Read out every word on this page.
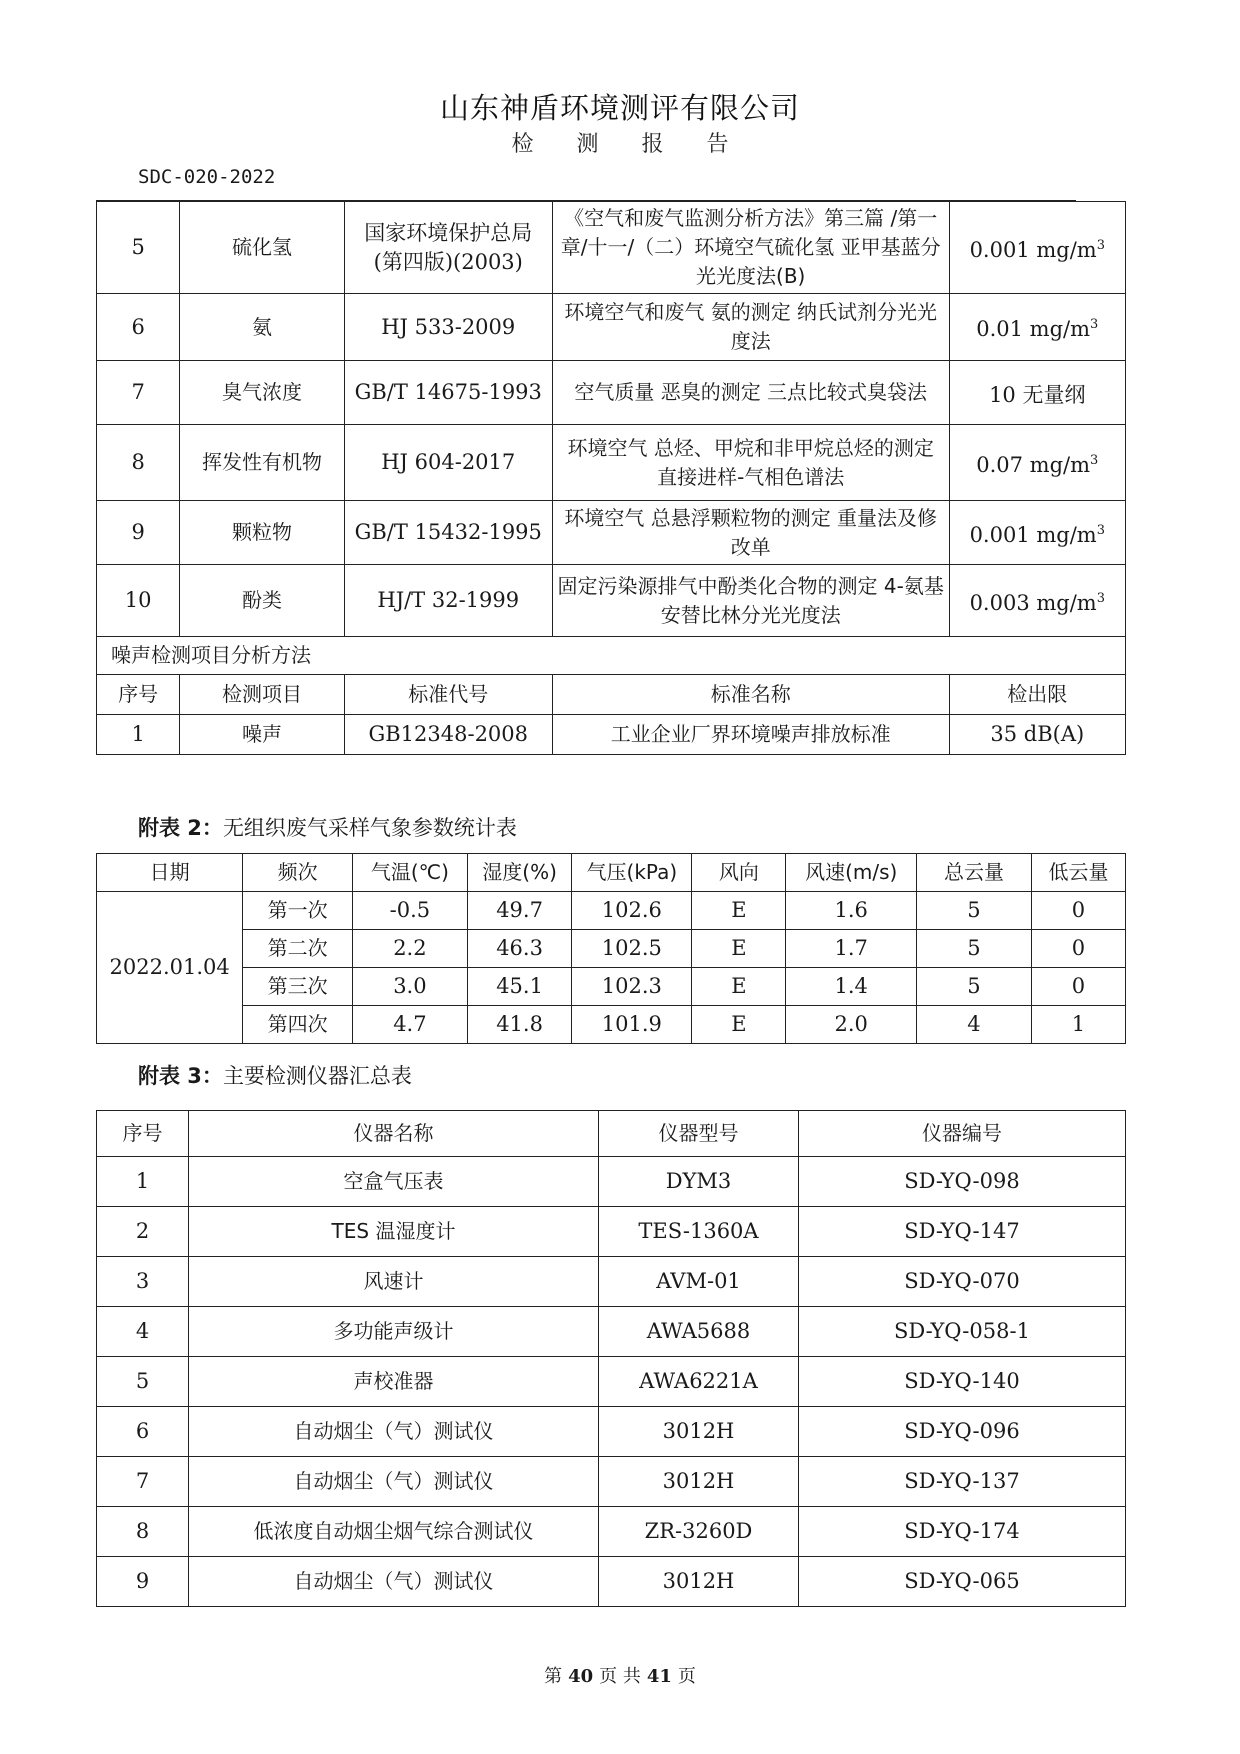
山东神盾环境测评有限公司
检 测 报 告
SDC-020-2022
5	硫化氢	国家环境保护总局 (第四版)(2003)	《空气和废气监测分析方法》第三篇 /第一章/十一/（二）环境空气硫化氢 亚甲基蓝分光光度法(B)	0.001 $mg/m^3$
6	氨	HJ 533-2009	环境空气和废气 氨的测定 纳氏试剂分光光度法	0.01 $mg/m^3$
7	臭气浓度	GB/T 14675-1993	空气质量 恶臭的测定 三点比较式臭袋法	10 无量纲
8	挥发性有机物	HJ 604-2017	环境空气 总烃、甲烷和非甲烷总烃的测定 直接进样-气相色谱法	0.07 $mg/m^3$
9	颗粒物	GB/T 15432-1995	环境空气 总悬浮颗粒物的测定 重量法及修改单	0.001 $mg/m^3$
10	酚类	HJ/T 32-1999	固定污染源排气中酚类化合物的测定 4-氨基安替比林分光光度法	0.003 $mg/m^3$
噪声检测项目分析方法				
序号	检测项目	标准代号	标准名称	检出限
1	噪声	GB12348-2008	工业企业厂界环境噪声排放标准	35 dB(A)
附表 2：无组织废气采样气象参数统计表
日期	频次	气温(℃)	湿度(%)	气压(kPa)	风向	风速(m/s)	总云量	低云量
2022.01.04	第一次	-0.5	49.7	102.6	E	1.6	5	0
	第二次	2.2	46.3	102.5	E	1.7	5	0
	第三次	3.0	45.1	102.3	E	1.4	5	0
	第四次	4.7	41.8	101.9	E	2.0	4	1
附表 3：主要检测仪器汇总表
序号	仪器名称	仪器型号	仪器编号
1	空盒气压表	DYM3	SD-YQ-098
2	TES 温湿度计	TES-1360A	SD-YQ-147
3	风速计	AVM-01	SD-YQ-070
4	多功能声级计	AWA5688	SD-YQ-058-1
5	声校准器	AWA6221A	SD-YQ-140
6	自动烟尘（气）测试仪	3012H	SD-YQ-096
7	自动烟尘（气）测试仪	3012H	SD-YQ-137
8	低浓度自动烟尘烟气综合测试仪	ZR-3260D	SD-YQ-174
9	自动烟尘（气）测试仪	3012H	SD-YQ-065
第 40 页 共 41 页
